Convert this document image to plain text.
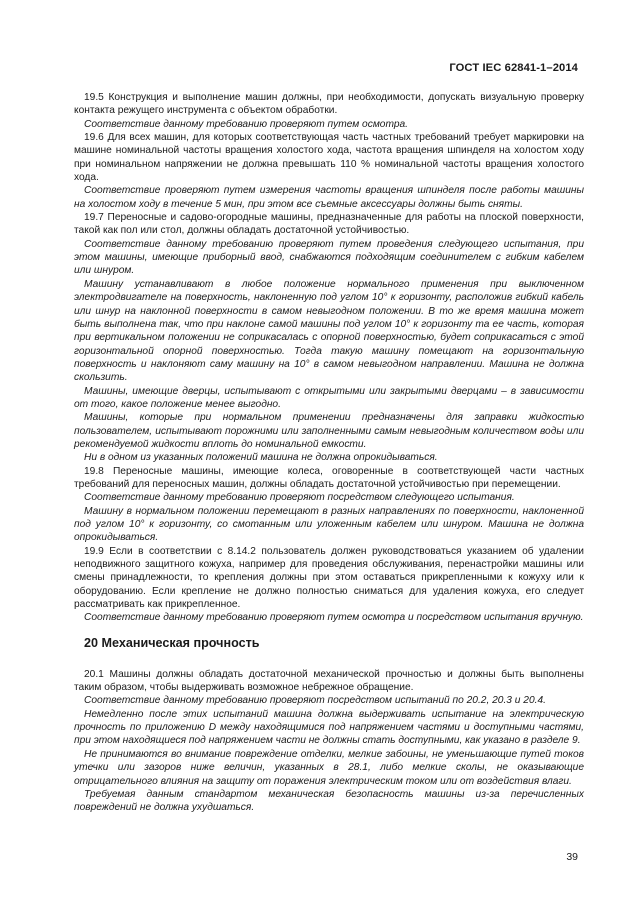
ГОСТ IEC 62841-1–2014

19.5 Конструкция и выполнение машин должны, при необходимости, допускать визуальную проверку контакта режущего инструмента с объектом обработки.

Соответствие данному требованию проверяют путем осмотра.

19.6 Для всех машин, для которых соответствующая часть частных требований требует маркировки на машине номинальной частоты вращения холостого хода, частота вращения шпинделя на холостом ходу при номинальном напряжении не должна превышать 110 % номинальной частоты вращения холостого хода.

Соответствие проверяют путем измерения частоты вращения шпинделя после работы машины на холостом ходу в течение 5 мин, при этом все съемные аксессуары должны быть сняты.

19.7 Переносные и садово-огородные машины, предназначенные для работы на плоской поверхности, такой как пол или стол, должны обладать достаточной устойчивостью.

Соответствие данному требованию проверяют путем проведения следующего испытания, при этом машины, имеющие приборный ввод, снабжаются подходящим соединителем с гибким кабелем или шнуром.

Машину устанавливают в любое положение нормального применения при выключенном электродвигателе на поверхность, наклоненную под углом 10° к горизонту, расположив гибкий кабель или шнур на наклонной поверхности в самом невыгодном положении. В то же время машина может быть выполнена так, что при наклоне самой машины под углом 10° к горизонту та ее часть, которая при вертикальном положении не соприкасалась с опорной поверхностью, будет соприкасаться с этой горизонтальной опорной поверхностью. Тогда такую машину помещают на горизонтальную поверхность и наклоняют саму машину на 10° в самом невыгодном направлении. Машина не должна скользить.

Машины, имеющие дверцы, испытывают с открытыми или закрытыми дверцами – в зависимости от того, какое положение менее выгодно.

Машины, которые при нормальном применении предназначены для заправки жидкостью пользователем, испытывают порожними или заполненными самым невыгодным количеством воды или рекомендуемой жидкости вплоть до номинальной емкости.

Ни в одном из указанных положений машина не должна опрокидываться.

19.8 Переносные машины, имеющие колеса, оговоренные в соответствующей части частных требований для переносных машин, должны обладать достаточной устойчивостью при перемещении.

Соответствие данному требованию проверяют посредством следующего испытания.

Машину в нормальном положении перемещают в разных направлениях по поверхности, наклоненной под углом 10° к горизонту, со смотанным или уложенным кабелем или шнуром. Машина не должна опрокидываться.

19.9 Если в соответствии с 8.14.2 пользователь должен руководствоваться указанием об удалении неподвижного защитного кожуха, например для проведения обслуживания, перенастройки машины или смены принадлежности, то крепления должны при этом оставаться прикрепленными к кожуху или к оборудованию. Если крепление не должно полностью сниматься для удаления кожуха, его следует рассматривать как прикрепленное.

Соответствие данному требованию проверяют путем осмотра и посредством испытания вручную.

20 Механическая прочность

20.1 Машины должны обладать достаточной механической прочностью и должны быть выполнены таким образом, чтобы выдерживать возможное небрежное обращение.

Соответствие данному требованию проверяют посредством испытаний по 20.2, 20.3 и 20.4.

Немедленно после этих испытаний машина должна выдерживать испытание на электрическую прочность по приложению D между находящимися под напряжением частями и доступными частями, при этом находящиеся под напряжением части не должны стать доступными, как указано в разделе 9.

Не принимаются во внимание повреждение отделки, мелкие забоины, не уменьшающие путей токов утечки или зазоров ниже величин, указанных в 28.1, либо мелкие сколы, не оказывающие отрицательного влияния на защиту от поражения электрическим током или от воздействия влаги.

Требуемая данным стандартом механическая безопасность машины из-за перечисленных повреждений не должна ухудшаться.

39
